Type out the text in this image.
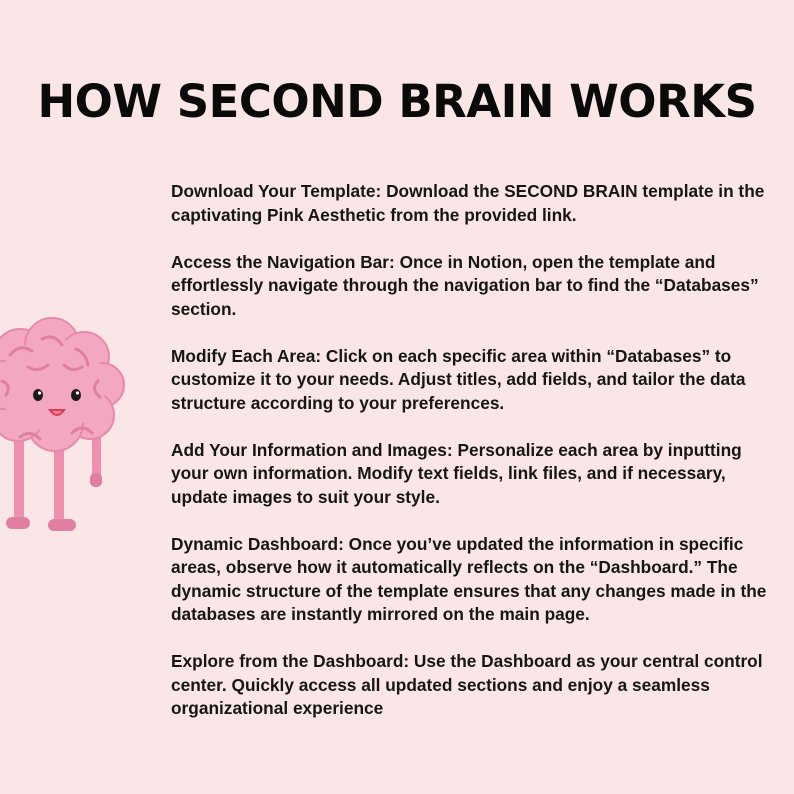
HOW SECOND BRAIN WORKS
Download Your Template: Download the SECOND BRAIN template in the captivating Pink Aesthetic from the provided link.
Access the Navigation Bar: Once in Notion, open the template and effortlessly navigate through the navigation bar to find the “Databases” section.
Modify Each Area: Click on each specific area within “Databases” to customize it to your needs. Adjust titles, add fields, and tailor the data structure according to your preferences.
Add Your Information and Images: Personalize each area by inputting your own information. Modify text fields, link files, and if necessary, update images to suit your style.
Dynamic Dashboard: Once you’ve updated the information in specific areas, observe how it automatically reflects on the “Dashboard.” The dynamic structure of the template ensures that any changes made in the databases are instantly mirrored on the main page.
Explore from the Dashboard: Use the Dashboard as your central control center. Quickly access all updated sections and enjoy a seamless organizational experience
